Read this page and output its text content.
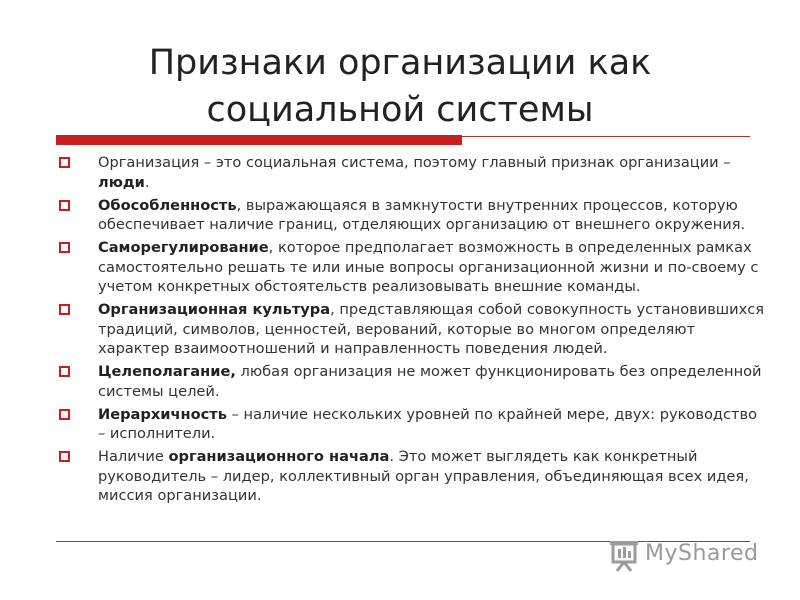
Признаки организации как
социальной системы
Организация – это социальная система, поэтому главный признак организации – люди.
Обособленность, выражающаяся в замкнутости внутренних процессов, которую обеспечивает наличие границ, отделяющих организацию от внешнего окружения.
Саморегулирование, которое предполагает возможность в определенных рамках самостоятельно решать те или иные вопросы организационной жизни и по-своему с учетом конкретных обстоятельств реализовывать внешние команды.
Организационная культура, представляющая собой совокупность установившихся традиций, символов, ценностей, верований, которые во многом определяют характер взаимоотношений и направленность поведения людей.
Целеполагание, любая организация не может функционировать без определенной системы целей.
Иерархичность – наличие нескольких уровней по крайней мере, двух: руководство – исполнители.
Наличие организационного начала. Это может выглядеть как конкретный руководитель – лидер, коллективный орган управления, объединяющая всех идея, миссия организации.
MyShared
